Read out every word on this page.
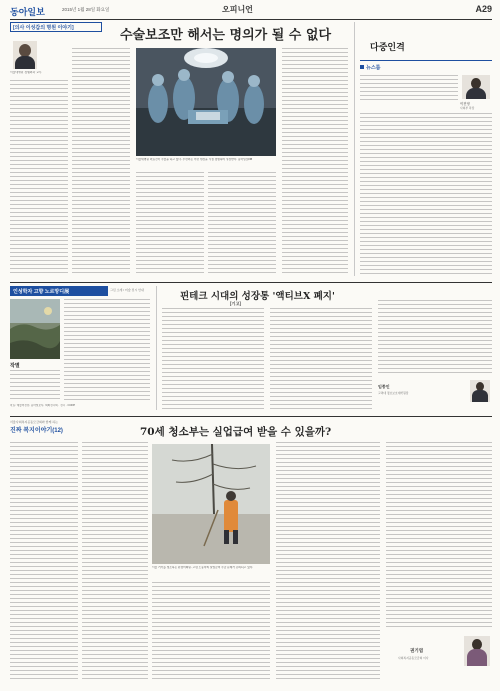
동아일보	2015년 1월 28일 화요일	오피니언	A29
[의사 이성갑의 명원 이야기]	수술보조만 해서는 명의가 될 수 없다
서울대병원 정형외과 교수
서울대병원 의료진이 수술을 하고 있다. 수련의는 이런 현장을 직접 경험하며 성장한다. 동아일보DB
다중인격
뉴스룸
이진영
사회부 차장
인성학자 고향 노르망디展	그림 소개 / 미술 전시 안내
작별
자료: 예술의전당, 동아일보사, 회화전시회 · 전시 · CODE
핀테크 시대의 성장통 '액티브X 폐지'
[기고]
임종인
고려대 정보보호대학원장
서울사회복지공동모금회와 함께 하는
진짜 복지이야기(12)	70세 청소부는 실업급여 받을 수 있을까?
서울 거리를 청소하는 환경미화원. 고령 노동자의 실업급여 수급 문제가 논의되고 있다.
권기엽
사회복지공동모금회 이사
